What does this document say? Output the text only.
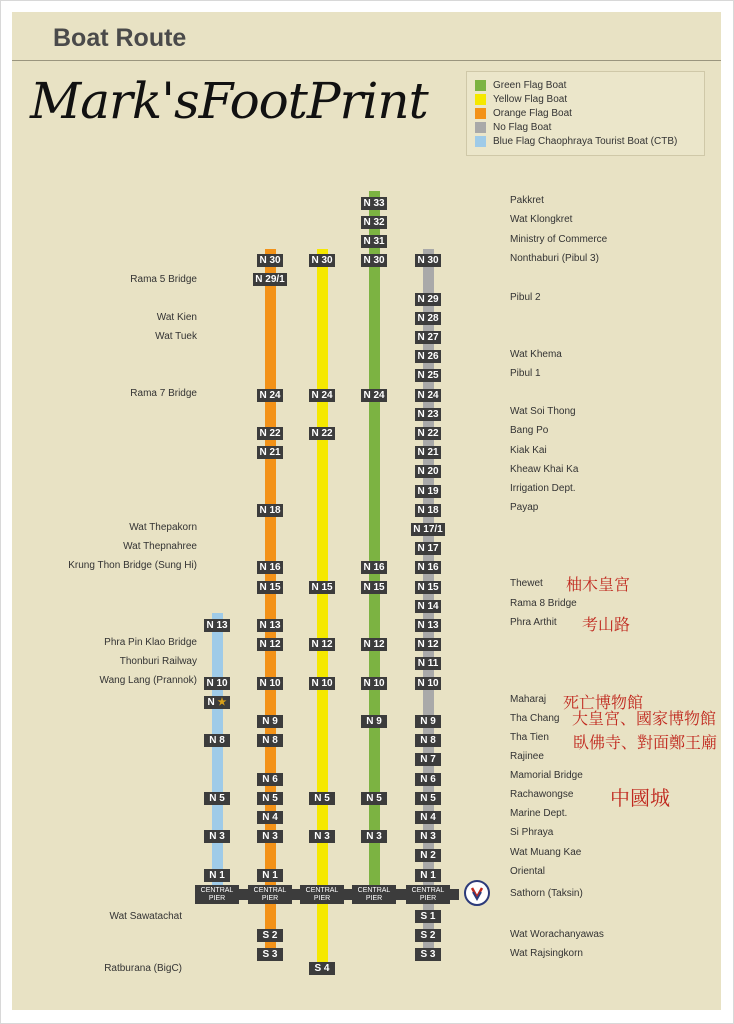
Boat Route
Mark'sFootPrint	Green Flag Boat
Yellow Flag Boat
Orange Flag Boat
No Flag Boat
Blue Flag Chaophraya Tourist Boat (CTB)
N 13
N 10
N ★
N 8
N 5
N 3
N 1
N 30
N 29/1
N 24
N 22
N 21
N 18
N 16
N 15
N 13
N 12
N 10
N 9
N 8
N 6
N 5
N 4
N 3
N 1
S 2
S 3
N 30
N 24
N 22
N 15
N 12
N 10
N 5
N 3
S 4
N 33
N 32
N 31
N 30
N 24
N 16
N 15
N 12
N 10
N 9
N 5
N 3
N 30
N 29
N 28
N 27
N 26
N 25
N 24
N 23
N 22
N 21
N 20
N 19
N 18
N 17/1
N 17
N 16
N 15
N 14
N 13
N 12
N 11
N 10
N 9
N 8
N 7
N 6
N 5
N 4
N 3
N 2
N 1
S 1
S 2
S 3
CENTRAL
PIER
CENTRAL
PIER
CENTRAL
PIER
CENTRAL
PIER
CENTRAL
PIER
Rama 5 Bridge
Wat Kien
Wat Tuek
Rama 7 Bridge
Wat Thepakorn
Wat Thepnahree
Krung Thon Bridge (Sung Hi)
Phra Pin Klao Bridge
Thonburi Railway
Wang Lang (Prannok)
Wat Sawatachat
Ratburana (BigC)
Pakkret
Wat Klongkret
Ministry of Commerce
Nonthaburi (Pibul 3)
Pibul 2
Wat Khema
Pibul 1
Wat Soi Thong
Bang Po
Kiak Kai
Kheaw Khai Ka
Irrigation Dept.
Payap
Thewet
Rama 8 Bridge
Phra Arthit
Maharaj
Tha Chang
Tha Tien
Rajinee
Mamorial Bridge
Rachawongse
Marine Dept.
Si Phraya
Wat Muang Kae
Oriental
Sathorn (Taksin)
Wat Worachanyawas
Wat Rajsingkorn
柚木皇宮
考山路
死亡博物館
大皇宮、國家博物館
臥佛寺、對面鄭王廟
中國城
